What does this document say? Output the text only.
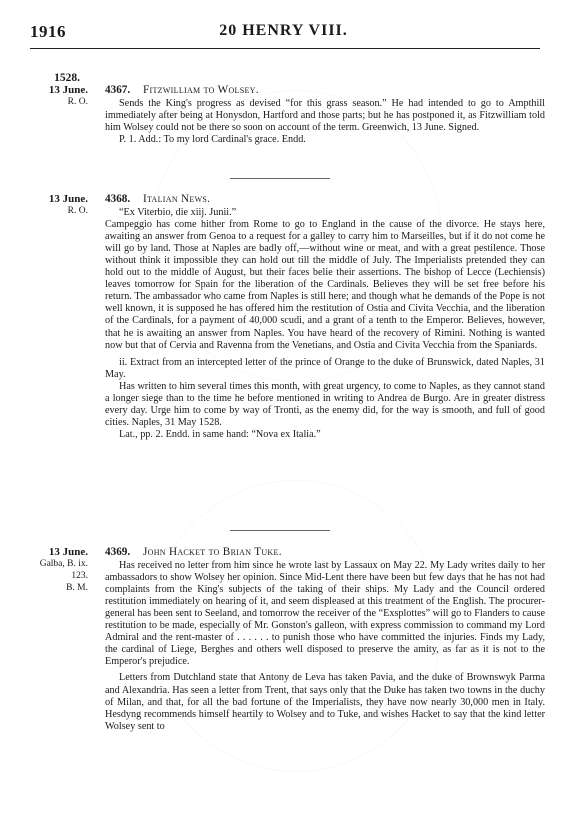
1916	20 HENRY VIII.
1528.
13 June.
R. O.
4367. Fitzwilliam to Wolsey.

Sends the King's progress as devised “for this grass season.” He had intended to go to Ampthill immediately after being at Honysdon, Hartford and those parts; but he has postponed it, as Fitzwilliam told him Wolsey could not be there so soon on account of the term. Greenwich, 13 June. Signed.

P. 1. Add.: To my lord Cardinal's grace. Endd.

13 June.
R. O.
4368. Italian News.

“Ex Viterbio, die xiij. Junii.”

Campeggio has come hither from Rome to go to England in the cause of the divorce. He stays here, awaiting an answer from Genoa to a request for a galley to carry him to Marseilles, but if it do not come he will go by land. Those at Naples are badly off,—without wine or meat, and with a great pestilence. Those without think it impossible they can hold out till the middle of July. The Imperialists pretended they can hold out to the middle of August, but their faces belie their assertions. The bishop of Lecce (Lechiensis) leaves tomorrow for Spain for the liberation of the Cardinals. Believes they will be set free before his return. The ambassador who came from Naples is still here; and though what he demands of the Pope is not well known, it is supposed he has offered him the restitution of Ostia and Civita Vecchia, and the liberation of the Cardinals, for a payment of 40,000 scudi, and a grant of a tenth to the Emperor. Believes, however, that he is awaiting an answer from Naples. You have heard of the recovery of Rimini. Nothing is wanted now but that of Cervia and Ravenna from the Venetians, and Ostia and Civita Vecchia from the Spaniards.

ii. Extract from an intercepted letter of the prince of Orange to the duke of Brunswick, dated Naples, 31 May.

Has written to him several times this month, with great urgency, to come to Naples, as they cannot stand a longer siege than to the time he before mentioned in writing to Andrea de Burgo. Are in greater distress every day. Urge him to come by way of Tronti, as the enemy did, for the way is smooth, and full of good cities. Naples, 31 May 1528.

Lat., pp. 2. Endd. in same hand: “Nova ex Italia.”

13 June.
Galba, B. ix.
123.
B. M.
4369. John Hacket to Brian Tuke.

Has received no letter from him since he wrote last by Lassaux on May 22. My Lady writes daily to her ambassadors to show Wolsey her opinion. Since Mid-Lent there have been but few days that he has not had complaints from the King's subjects of the taking of their ships. My Lady and the Council ordered restitution immediately on hearing of it, and seem displeased at this treatment of the English. The procurer-general has been sent to Seeland, and tomorrow the receiver of the “Exsplottes” will go to Flanders to cause restitution to be made, especially of Mr. Gonston's galleon, with express commission to command my Lord Admiral and the rent-master of . . . . . . to punish those who have committed the injuries. Finds my Lady, the cardinal of Liege, Berghes and others well disposed to preserve the amity, as far as it is not to the Emperor's prejudice.

Letters from Dutchland state that Antony de Leva has taken Pavia, and the duke of Brownswyk Parma and Alexandria. Has seen a letter from Trent, that says only that the Duke has taken two towns in the duchy of Milan, and that, for all the bad fortune of the Imperialists, they have now nearly 30,000 men in Italy. Hesdyng recommends himself heartily to Wolsey and to Tuke, and wishes Hacket to say that the kind letter Wolsey sent to
